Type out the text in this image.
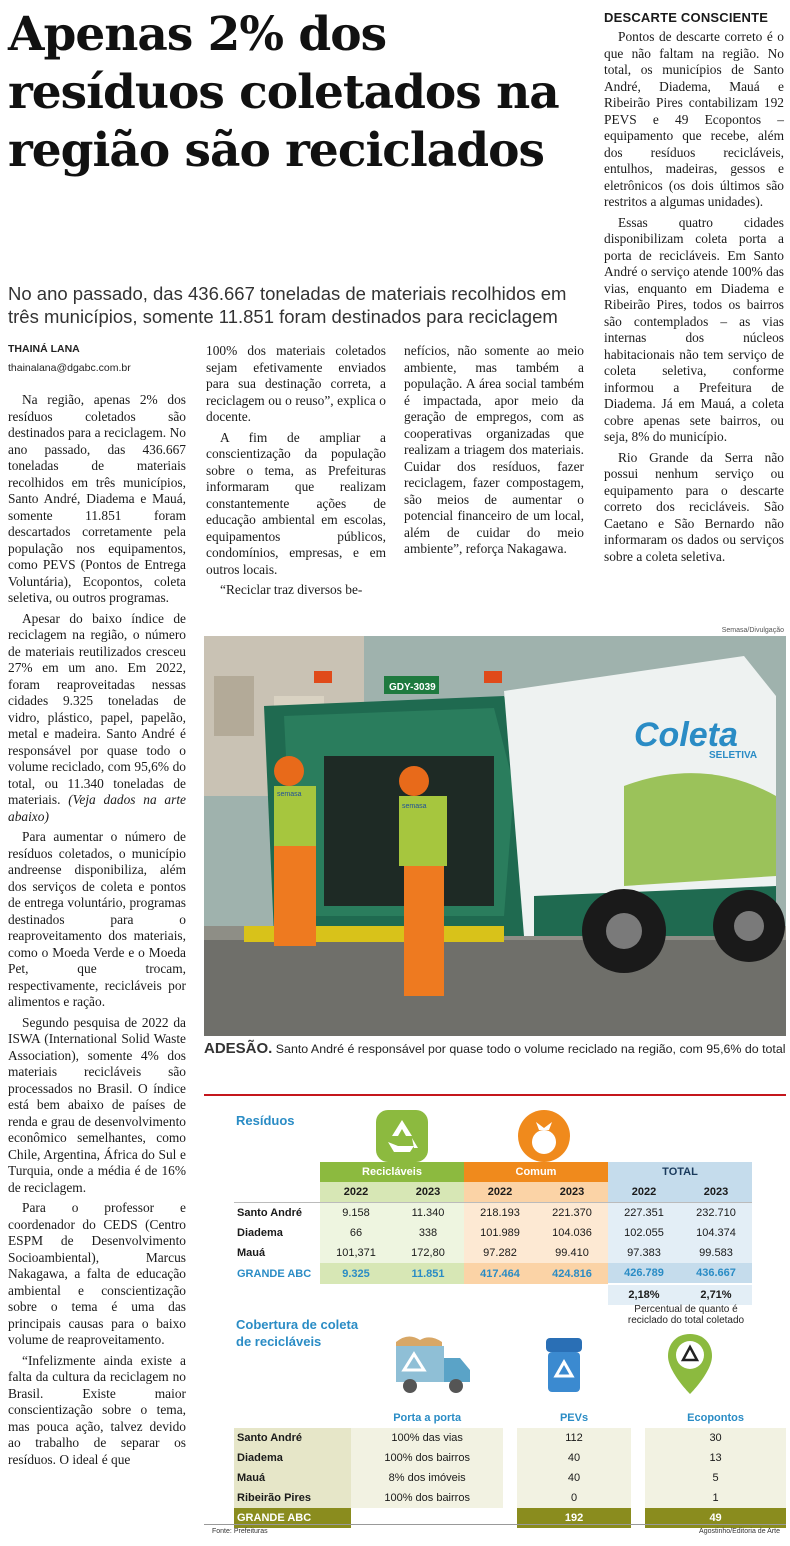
Apenas 2% dos resíduos coletados na região são reciclados

No ano passado, das 436.667 toneladas de materiais recolhidos em três municípios, somente 11.851 foram destinados para reciclagem

THAINÁ LANA
thainalana@dgabc.com.br

Na região, apenas 2% dos resíduos coletados são destinados para a reciclagem. No ano passado, das 436.667 toneladas de materiais recolhidos em três municípios, Santo André, Diadema e Mauá, somente 11.851 foram descartados corretamente pela população nos equipamentos, como PEVS (Pontos de Entrega Voluntária), Ecopontos, coleta seletiva, ou outros programas.

Apesar do baixo índice de reciclagem na região, o número de materiais reutilizados cresceu 27% em um ano. Em 2022, foram reaproveitadas nessas cidades 9.325 toneladas de vidro, plástico, papel, papelão, metal e madeira. Santo André é responsável por quase todo o volume reciclado, com 95,6% do total, ou 11.340 toneladas de materiais. (Veja dados na arte abaixo)

Para aumentar o número de resíduos coletados, o município andreense disponibiliza, além dos serviços de coleta e pontos de entrega voluntário, programas destinados para o reaproveitamento dos materiais, como o Moeda Verde e o Moeda Pet, que trocam, respectivamente, recicláveis por alimentos e ração.

Segundo pesquisa de 2022 da ISWA (International Solid Waste Association), somente 4% dos materiais recicláveis são processados no Brasil. O índice está bem abaixo de países de renda e grau de desenvolvimento econômico semelhantes, como Chile, Argentina, África do Sul e Turquia, onde a média é de 16% de reciclagem.

Para o professor e coordenador do CEDS (Centro ESPM de Desenvolvimento Socioambiental), Marcus Nakagawa, a falta de educação ambiental e conscientização sobre o tema é uma das principais causas para o baixo volume de reaproveitamento.

“Infelizmente ainda existe a falta da cultura da reciclagem no Brasil. Existe maior conscientização sobre o tema, mas pouca ação, talvez devido ao trabalho de separar os resíduos. O ideal é que

100% dos materiais coletados sejam efetivamente enviados para sua destinação correta, a reciclagem ou o reuso”, explica o docente.

A fim de ampliar a conscientização da população sobre o tema, as Prefeituras informaram que realizam constantemente ações de educação ambiental em escolas, equipamentos públicos, condomínios, empresas, e em outros locais.

“Reciclar traz diversos be-

nefícios, não somente ao meio ambiente, mas também a população. A área social também é impactada, apor meio da geração de empregos, com as cooperativas organizadas que realizam a triagem dos materiais. Cuidar dos resíduos, fazer reciclagem, fazer compostagem, são meios de aumentar o potencial financeiro de um local, além de cuidar do meio ambiente”, reforça Nakagawa.

DESCARTE CONSCIENTE

Pontos de descarte correto é o que não faltam na região. No total, os municípios de Santo André, Diadema, Mauá e Ribeirão Pires contabilizam 192 PEVS e 49 Ecopontos – equipamento que recebe, além dos resíduos recicláveis, entulhos, madeiras, gessos e eletrônicos (os dois últimos são restritos a algumas unidades).

Essas quatro cidades disponibilizam coleta porta a porta de recicláveis. Em Santo André o serviço atende 100% das vias, enquanto em Diadema e Ribeirão Pires, todos os bairros são contemplados – as vias internas dos núcleos habitacionais não tem serviço de coleta seletiva, conforme informou a Prefeitura de Diadema. Já em Mauá, a coleta cobre apenas sete bairros, ou seja, 8% do município.

Rio Grande da Serra não possui nenhum serviço ou equipamento para o descarte correto dos recicláveis. São Caetano e São Bernardo não informaram os dados ou serviços sobre a coleta seletiva.

Semasa/Divulgação
Coleta
SELETIVA
GDY-3039
semasa
semasa
ADESÃO. Santo André é responsável por quase todo o volume reciclado na região, com 95,6% do total
Resíduos
	Recicláveis		Comum		TOTAL	
	2022	2023	2022	2023	2022	2023
Santo André	9.158	11.340	218.193	221.370	227.351	232.710
Diadema	66	338	101.989	104.036	102.055	104.374
Mauá	101,371	172,80	97.282	99.410	97.383	99.583
GRANDE ABC	9.325	11.851	417.464	424.816	426.789	436.667
					2,18%	2,71%
Percentual de quanto é reciclado do total coletado
Cobertura de coleta de recicláveis
	Porta a porta		PEVs		Ecopontos
Santo André	100% das vias		112		30
Diadema	100% dos bairros		40		13
Mauá	8% dos imóveis		40		5
Ribeirão Pires	100% dos bairros		0		1
GRANDE ABC			192		49
Fonte: Prefeituras	Agostinho/Editoria de Arte
